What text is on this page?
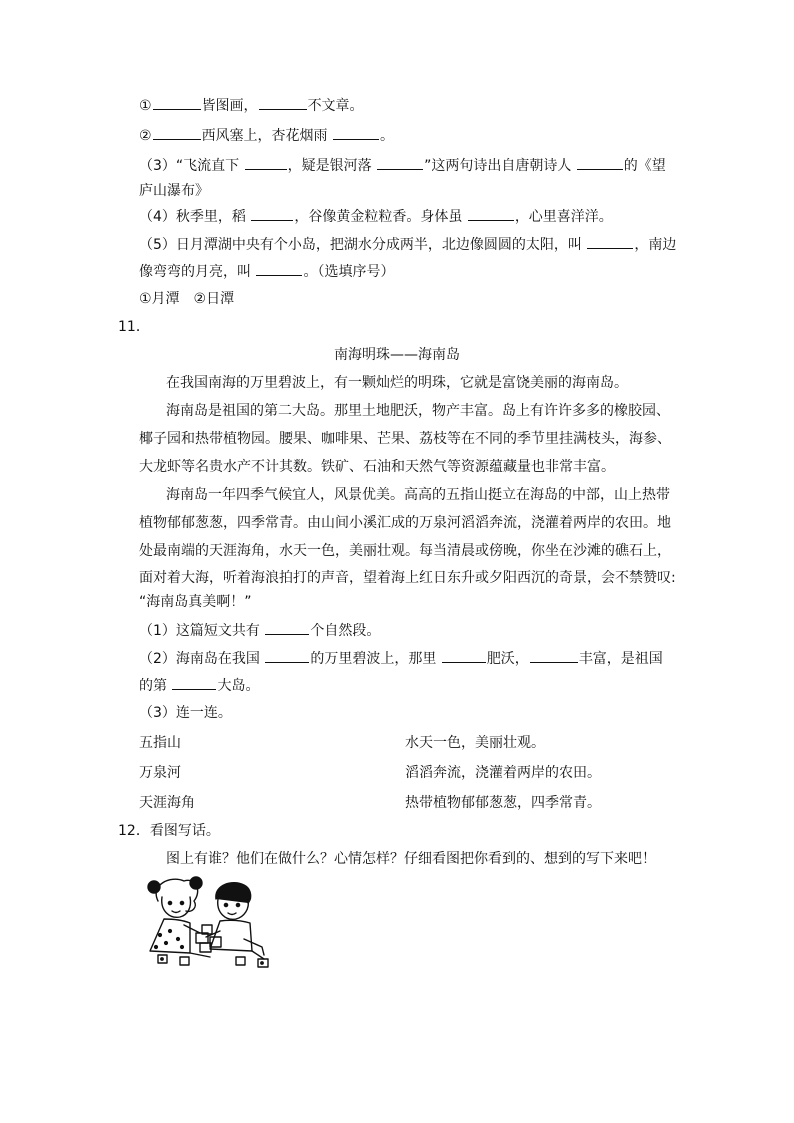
①	皆图画，	不文章。
②	西风塞上，杏花烟雨	。
（3）“飞流直下	，疑是银河落	”这两句诗出自唐朝诗人	的《望
庐山瀑布》
（4）秋季里，稻	，谷像黄金粒粒香。身体虽	，心里喜洋洋。
（5）日月潭湖中央有个小岛，把湖水分成两半，北边像圆圆的太阳，叫	，南边
像弯弯的月亮，叫	。（选填序号）
①月潭　②日潭
11．
南海明珠——海南岛
在我国南海的万里碧波上，有一颗灿烂的明珠，它就是富饶美丽的海南岛。
海南岛是祖国的第二大岛。那里土地肥沃，物产丰富。岛上有许许多多的橡胶园、
椰子园和热带植物园。腰果、咖啡果、芒果、荔枝等在不同的季节里挂满枝头，海参、
大龙虾等名贵水产不计其数。铁矿、石油和天然气等资源蕴藏量也非常丰富。
海南岛一年四季气候宜人，风景优美。高高的五指山挺立在海岛的中部，山上热带
植物郁郁葱葱，四季常青。由山间小溪汇成的万泉河滔滔奔流，浇灌着两岸的农田。地
处最南端的天涯海角，水天一色，美丽壮观。每当清晨或傍晚，你坐在沙滩的礁石上，
面对着大海，听着海浪拍打的声音，望着海上红日东升或夕阳西沉的奇景，会不禁赞叹:
“海南岛真美啊！”
（1）这篇短文共有	个自然段。
（2）海南岛在我国	的万里碧波上，那里	肥沃，	丰富，是祖国
的第	大岛。
（3）连一连。
五指山	水天一色，美丽壮观。
万泉河	滔滔奔流，浇灌着两岸的农田。
天涯海角	热带植物郁郁葱葱，四季常青。
12．看图写话。
图上有谁？他们在做什么？心情怎样？仔细看图把你看到的、想到的写下来吧！
